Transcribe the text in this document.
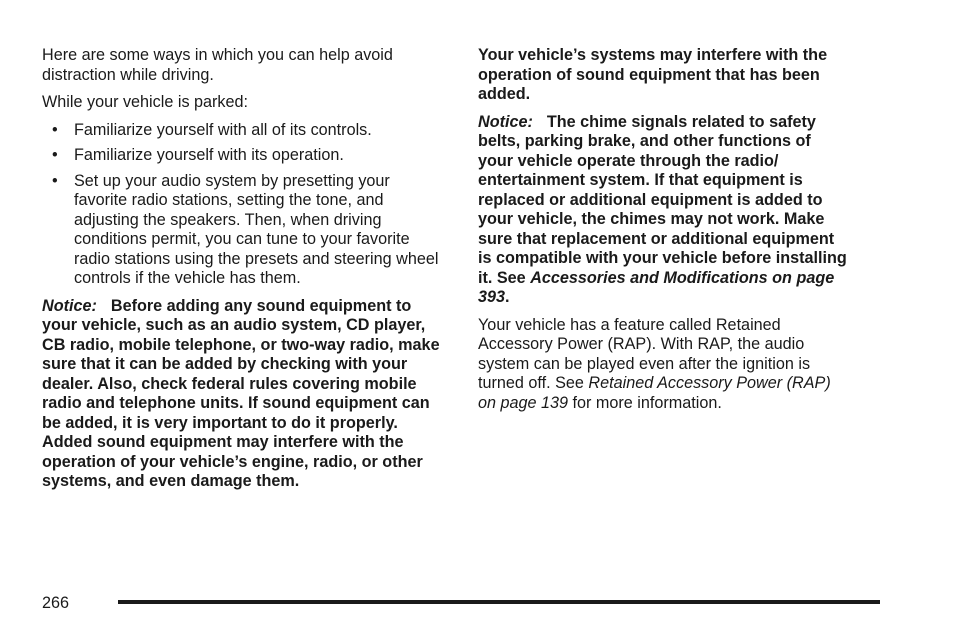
Here are some ways in which you can help avoid distraction while driving.

While your vehicle is parked:

• Familiarize yourself with all of its controls.
• Familiarize yourself with its operation.
• Set up your audio system by presetting your favorite radio stations, setting the tone, and adjusting the speakers. Then, when driving conditions permit, you can tune to your favorite radio stations using the presets and steering wheel controls if the vehicle has them.

Notice: Before adding any sound equipment to your vehicle, such as an audio system, CD player, CB radio, mobile telephone, or two-way radio, make sure that it can be added by checking with your dealer. Also, check federal rules covering mobile radio and telephone units. If sound equipment can be added, it is very important to do it properly. Added sound equipment may interfere with the operation of your vehicle’s engine, radio, or other systems, and even damage them.

Your vehicle’s systems may interfere with the operation of sound equipment that has been added.

Notice: The chime signals related to safety belts, parking brake, and other functions of your vehicle operate through the radio/ entertainment system. If that equipment is replaced or additional equipment is added to your vehicle, the chimes may not work. Make sure that replacement or additional equipment is compatible with your vehicle before installing it. See Accessories and Modifications on page 393.

Your vehicle has a feature called Retained Accessory Power (RAP). With RAP, the audio system can be played even after the ignition is turned off. See Retained Accessory Power (RAP) on page 139 for more information.

266
